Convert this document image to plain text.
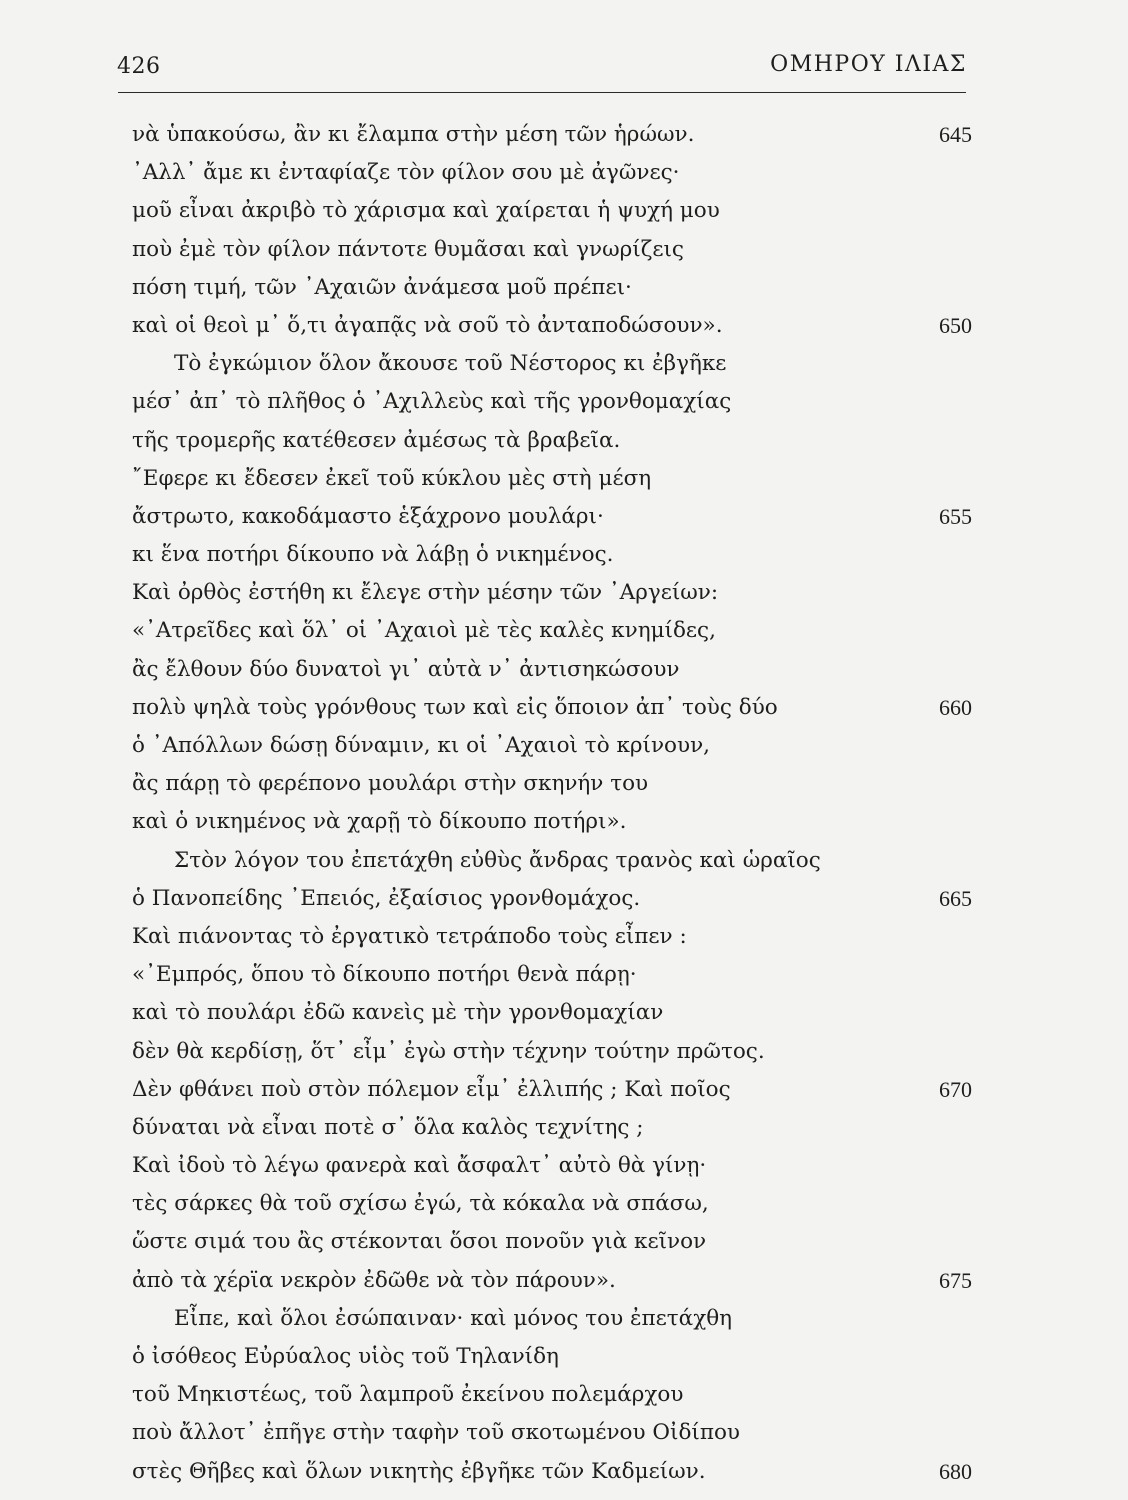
426	ΟΜΗΡΟΥ ΙΛΙΑΣ
νὰ ὑπακούσω, ἂν κι ἔλαμπα στὴν μέση τῶν ἡρώων.	645
᾿Αλλ᾿ ἄμε κι ἐνταφίαζε τὸν φίλον σου μὲ ἀγῶνες·
μοῦ εἶναι ἀκριβὸ τὸ χάρισμα καὶ χαίρεται ἡ ψυχή μου
ποὺ ἐμὲ τὸν φίλον πάντοτε θυμᾶσαι καὶ γνωρίζεις
πόση τιμή, τῶν ᾿Αχαιῶν ἀνάμεσα μοῦ πρέπει·
καὶ οἱ θεοὶ μ᾿ ὅ,τι ἀγαπᾷς νὰ σοῦ τὸ ἀνταποδώσουν».	650
Τὸ ἐγκώμιον ὅλον ἄκουσε τοῦ Νέστορος κι ἐβγῆκε
μέσ᾿ ἀπ᾿ τὸ πλῆθος ὁ ᾿Αχιλλεὺς καὶ τῆς γρονθομαχίας
τῆς τρομερῆς κατέθεσεν ἀμέσως τὰ βραβεῖα.
῎Εφερε κι ἔδεσεν ἐκεῖ τοῦ κύκλου μὲς στὴ μέση
ἄστρωτο, κακοδάμαστο ἑξάχρονο μουλάρι·	655
κι ἕνα ποτήρι δίκουπο νὰ λάβῃ ὁ νικημένος.
Καὶ ὀρθὸς ἐστήθη κι ἔλεγε στὴν μέσην τῶν ᾿Αργείων:
«᾿Ατρεῖδες καὶ ὅλ᾿ οἱ ᾿Αχαιοὶ μὲ τὲς καλὲς κνημίδες,
ἂς ἔλθουν δύο δυνατοὶ γι᾿ αὐτὰ ν᾿ ἀντισηκώσουν
πολὺ ψηλὰ τοὺς γρόνθους των καὶ εἰς ὅποιον ἀπ᾿ τοὺς δύο	660
ὁ ᾿Απόλλων δώσῃ δύναμιν, κι οἱ ᾿Αχαιοὶ τὸ κρίνουν,
ἂς πάρῃ τὸ φερέπονο μουλάρι στὴν σκηνήν του
καὶ ὁ νικημένος νὰ χαρῇ τὸ δίκουπο ποτήρι».
Στὸν λόγον του ἐπετάχθη εὐθὺς ἄνδρας τρανὸς καὶ ὡραῖος
ὁ Πανοπείδης ᾿Επειός, ἐξαίσιος γρονθομάχος.	665
Καὶ πιάνοντας τὸ ἐργατικὸ τετράποδο τοὺς εἶπεν :
«᾿Εμπρός, ὅπου τὸ δίκουπο ποτήρι θενὰ πάρῃ·
καὶ τὸ πουλάρι ἐδῶ κανεὶς μὲ τὴν γρονθομαχίαν
δὲν θὰ κερδίσῃ, ὅτ᾿ εἶμ᾿ ἐγὼ στὴν τέχνην τούτην πρῶτος.
Δὲν φθάνει ποὺ στὸν πόλεμον εἶμ᾿ ἐλλιπής ; Καὶ ποῖος	670
δύναται νὰ εἶναι ποτὲ σ᾿ ὅλα καλὸς τεχνίτης ;
Καὶ ἰδοὺ τὸ λέγω φανερὰ καὶ ἄσφαλτ᾿ αὐτὸ θὰ γίνῃ·
τὲς σάρκες θὰ τοῦ σχίσω ἐγώ, τὰ κόκαλα νὰ σπάσω,
ὥστε σιμά του ἂς στέκονται ὅσοι πονοῦν γιὰ κεῖνον
ἀπὸ τὰ χέρϊα νεκρὸν ἐδῶθε νὰ τὸν πάρουν».	675
Εἶπε, καὶ ὅλοι ἐσώπαιναν· καὶ μόνος του ἐπετάχθη
ὁ ἰσόθεος Εὐρύαλος υἱὸς τοῦ Τηλανίδη
τοῦ Μηκιστέως, τοῦ λαμπροῦ ἐκείνου πολεμάρχου
ποὺ ἄλλοτ᾿ ἐπῆγε στὴν ταφὴν τοῦ σκοτωμένου Οἰδίπου
στὲς Θῆβες καὶ ὅλων νικητὴς ἐβγῆκε τῶν Καδμείων.	680
